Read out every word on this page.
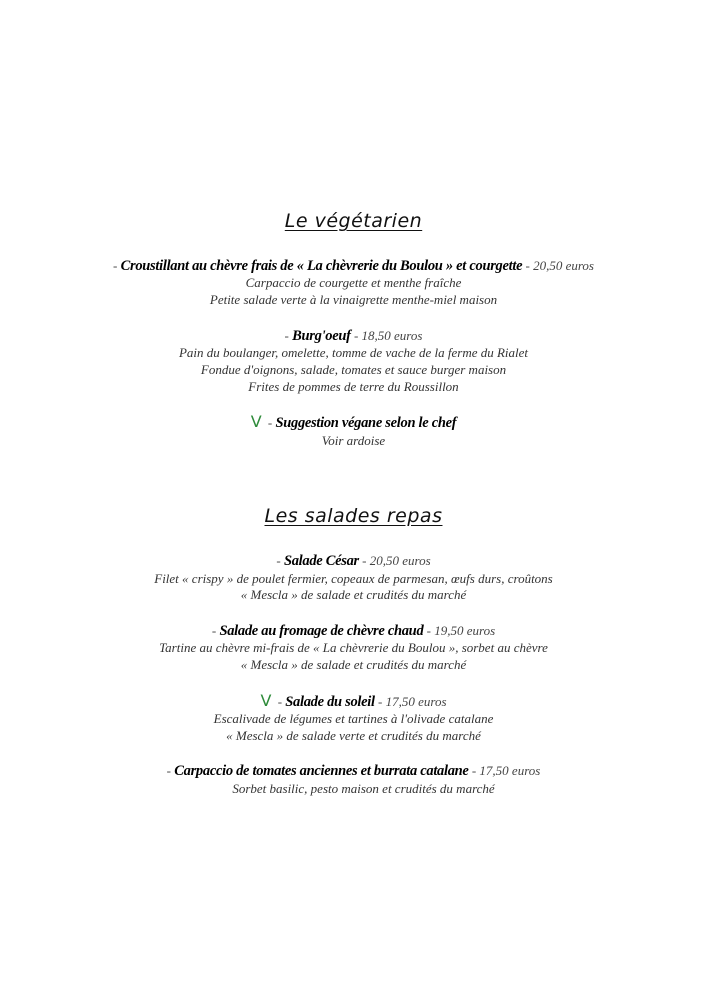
Le végétarien
- Croustillant au chèvre frais de « La chèvrerie du Boulou » et courgette - 20,50 euros
Carpaccio de courgette et menthe fraîche
Petite salade verte à la vinaigrette menthe-miel maison
- Burg'oeuf - 18,50 euros
Pain du boulanger, omelette, tomme de vache de la ferme du Rialet
Fondue d'oignons, salade, tomates et sauce burger maison
Frites de pommes de terre du Roussillon
V - Suggestion végane selon le chef
Voir ardoise
Les salades repas
- Salade César - 20,50 euros
Filet « crispy » de poulet fermier, copeaux de parmesan, œufs durs, croûtons
« Mescla » de salade et crudités du marché
- Salade au fromage de chèvre chaud - 19,50 euros
Tartine au chèvre mi-frais de « La chèvrerie du Boulou », sorbet au chèvre
« Mescla » de salade et crudités du marché
V - Salade du soleil - 17,50 euros
Escalivade de légumes et tartines à l'olivade catalane
« Mescla » de salade verte et crudités du marché
- Carpaccio de tomates anciennes et burrata catalane - 17,50 euros
Sorbet basilic, pesto maison et crudités du marché
